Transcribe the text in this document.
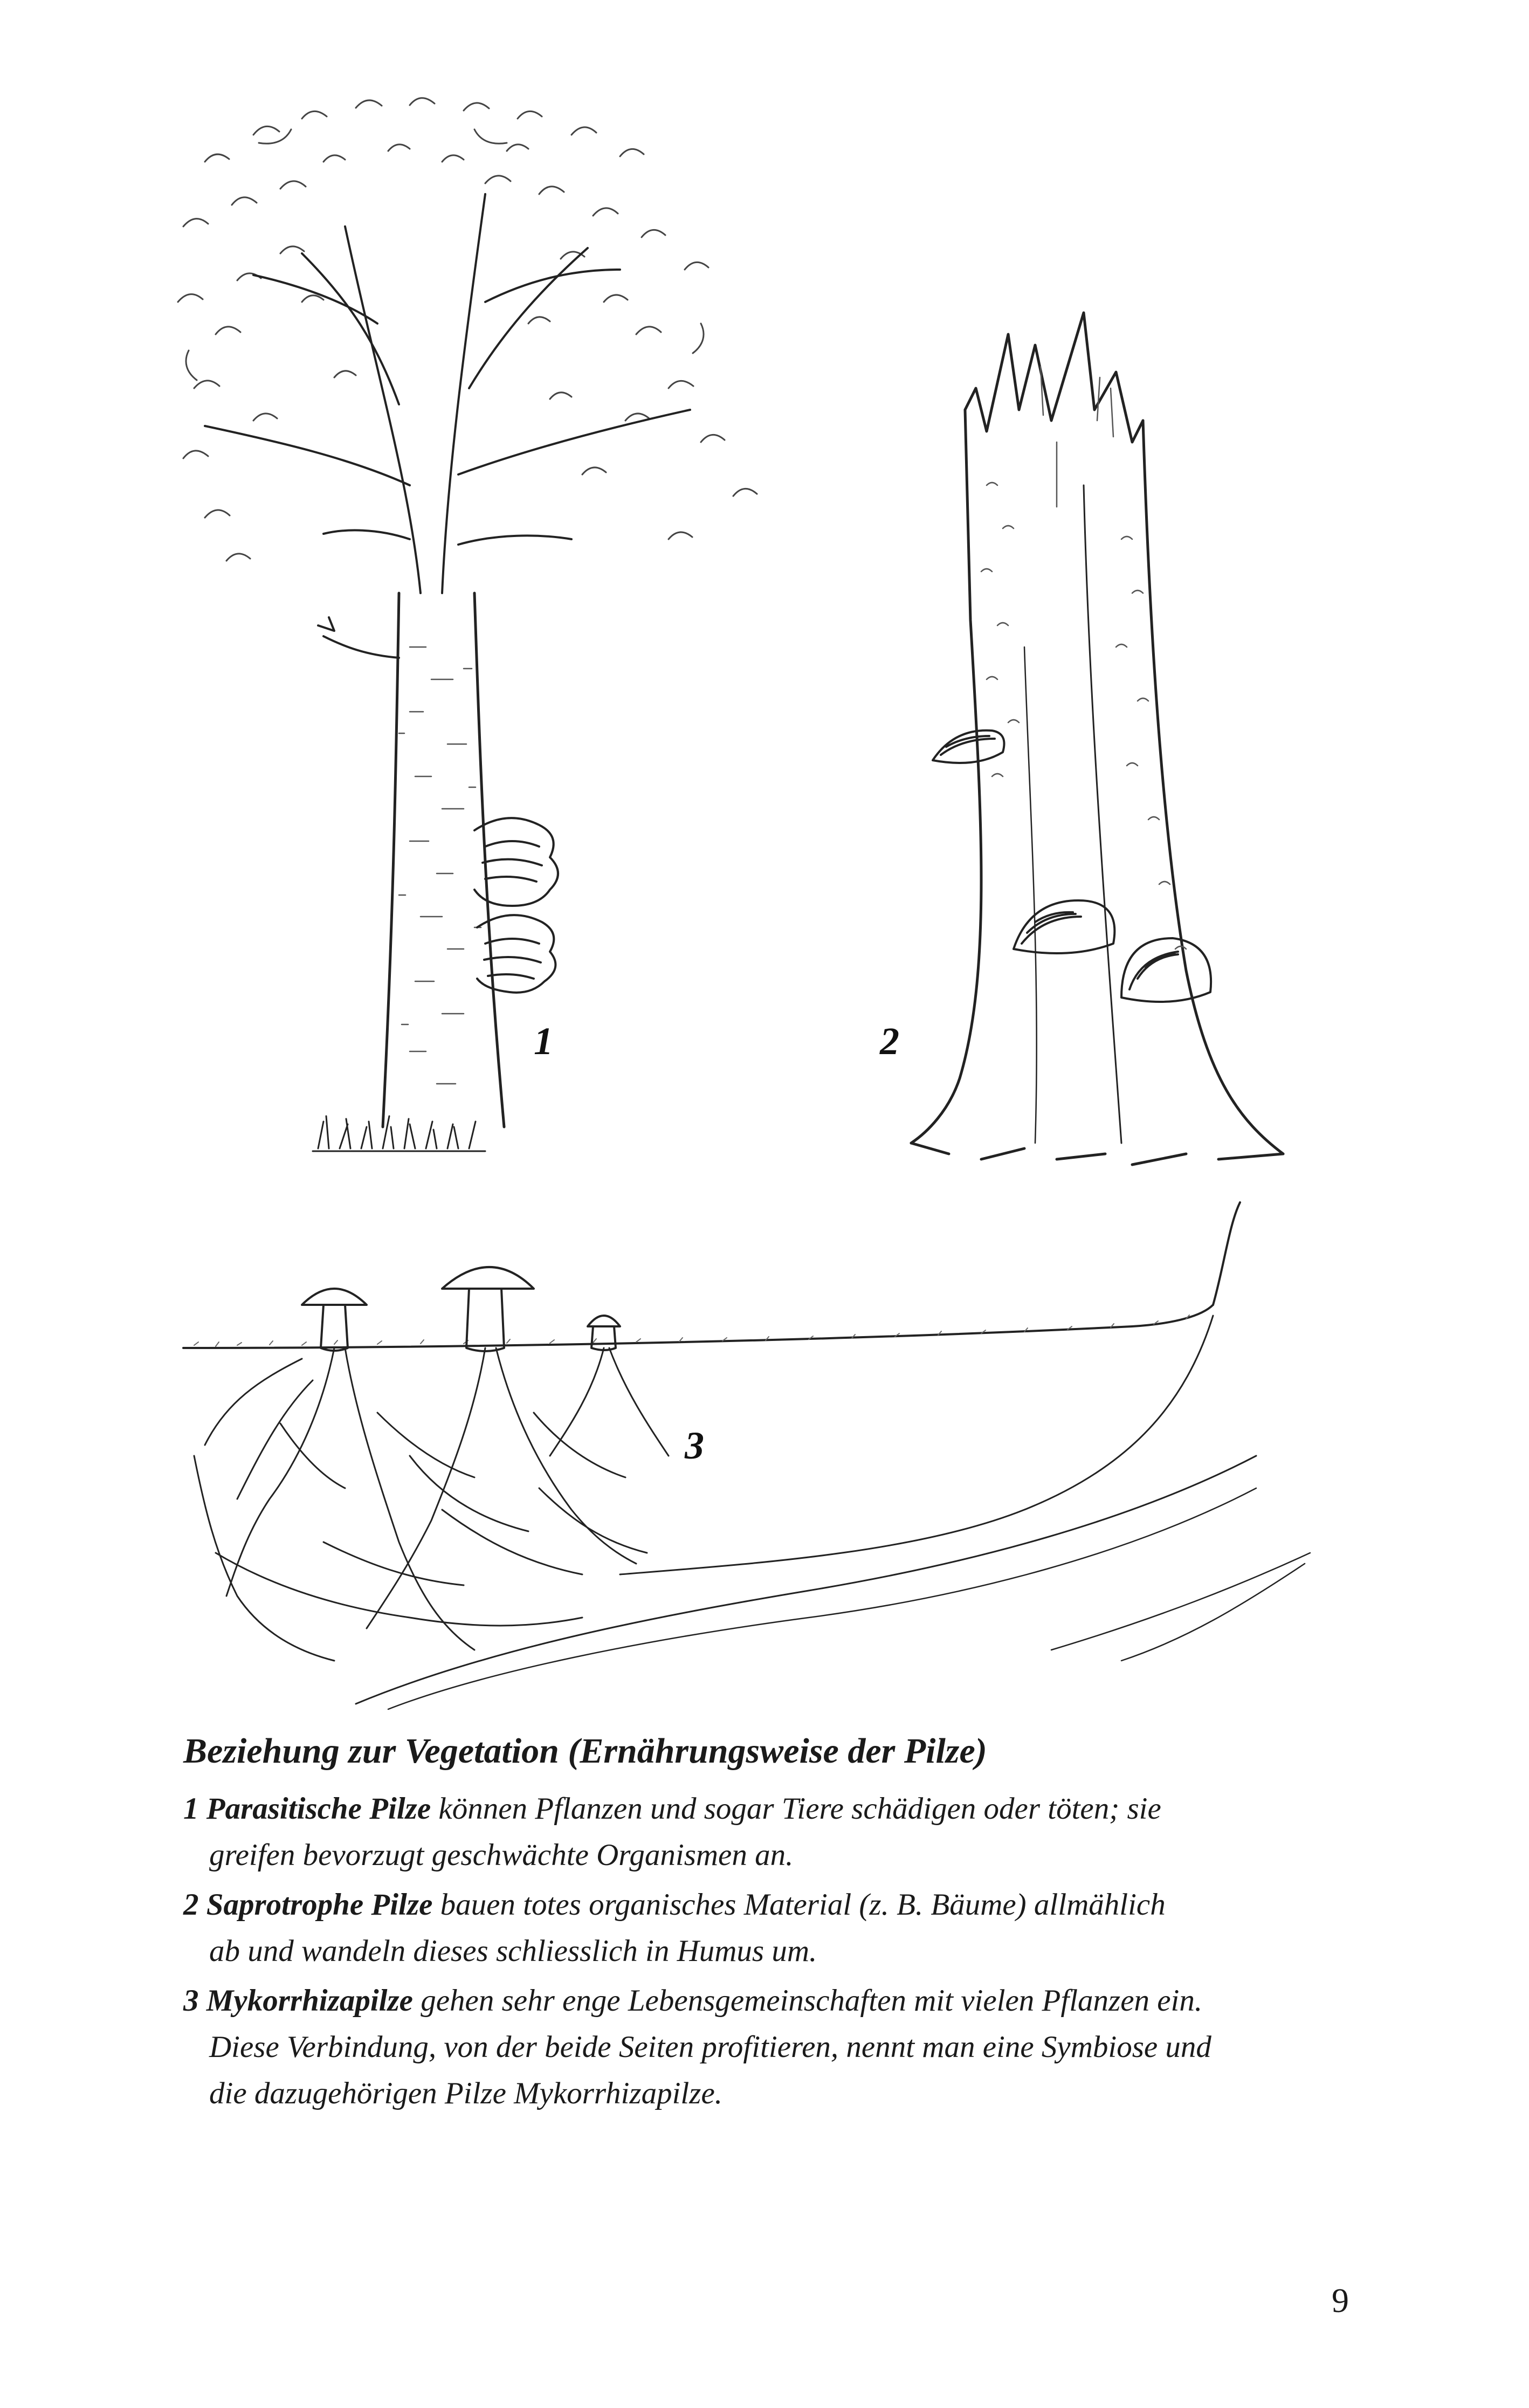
1	2
3
Beziehung zur Vegetation (Ernährungsweise der Pilze)
1 Parasitische Pilze können Pflanzen und sogar Tiere schädigen oder töten; sie
greifen bevorzugt geschwächte Organismen an.
2 Saprotrophe Pilze bauen totes organisches Material (z. B. Bäume) allmählich
ab und wandeln dieses schliesslich in Humus um.
3 Mykorrhizapilze gehen sehr enge Lebensgemeinschaften mit vielen Pflanzen ein.
Diese Verbindung, von der beide Seiten profitieren, nennt man eine Symbiose und
die dazugehörigen Pilze Mykorrhizapilze.
9
